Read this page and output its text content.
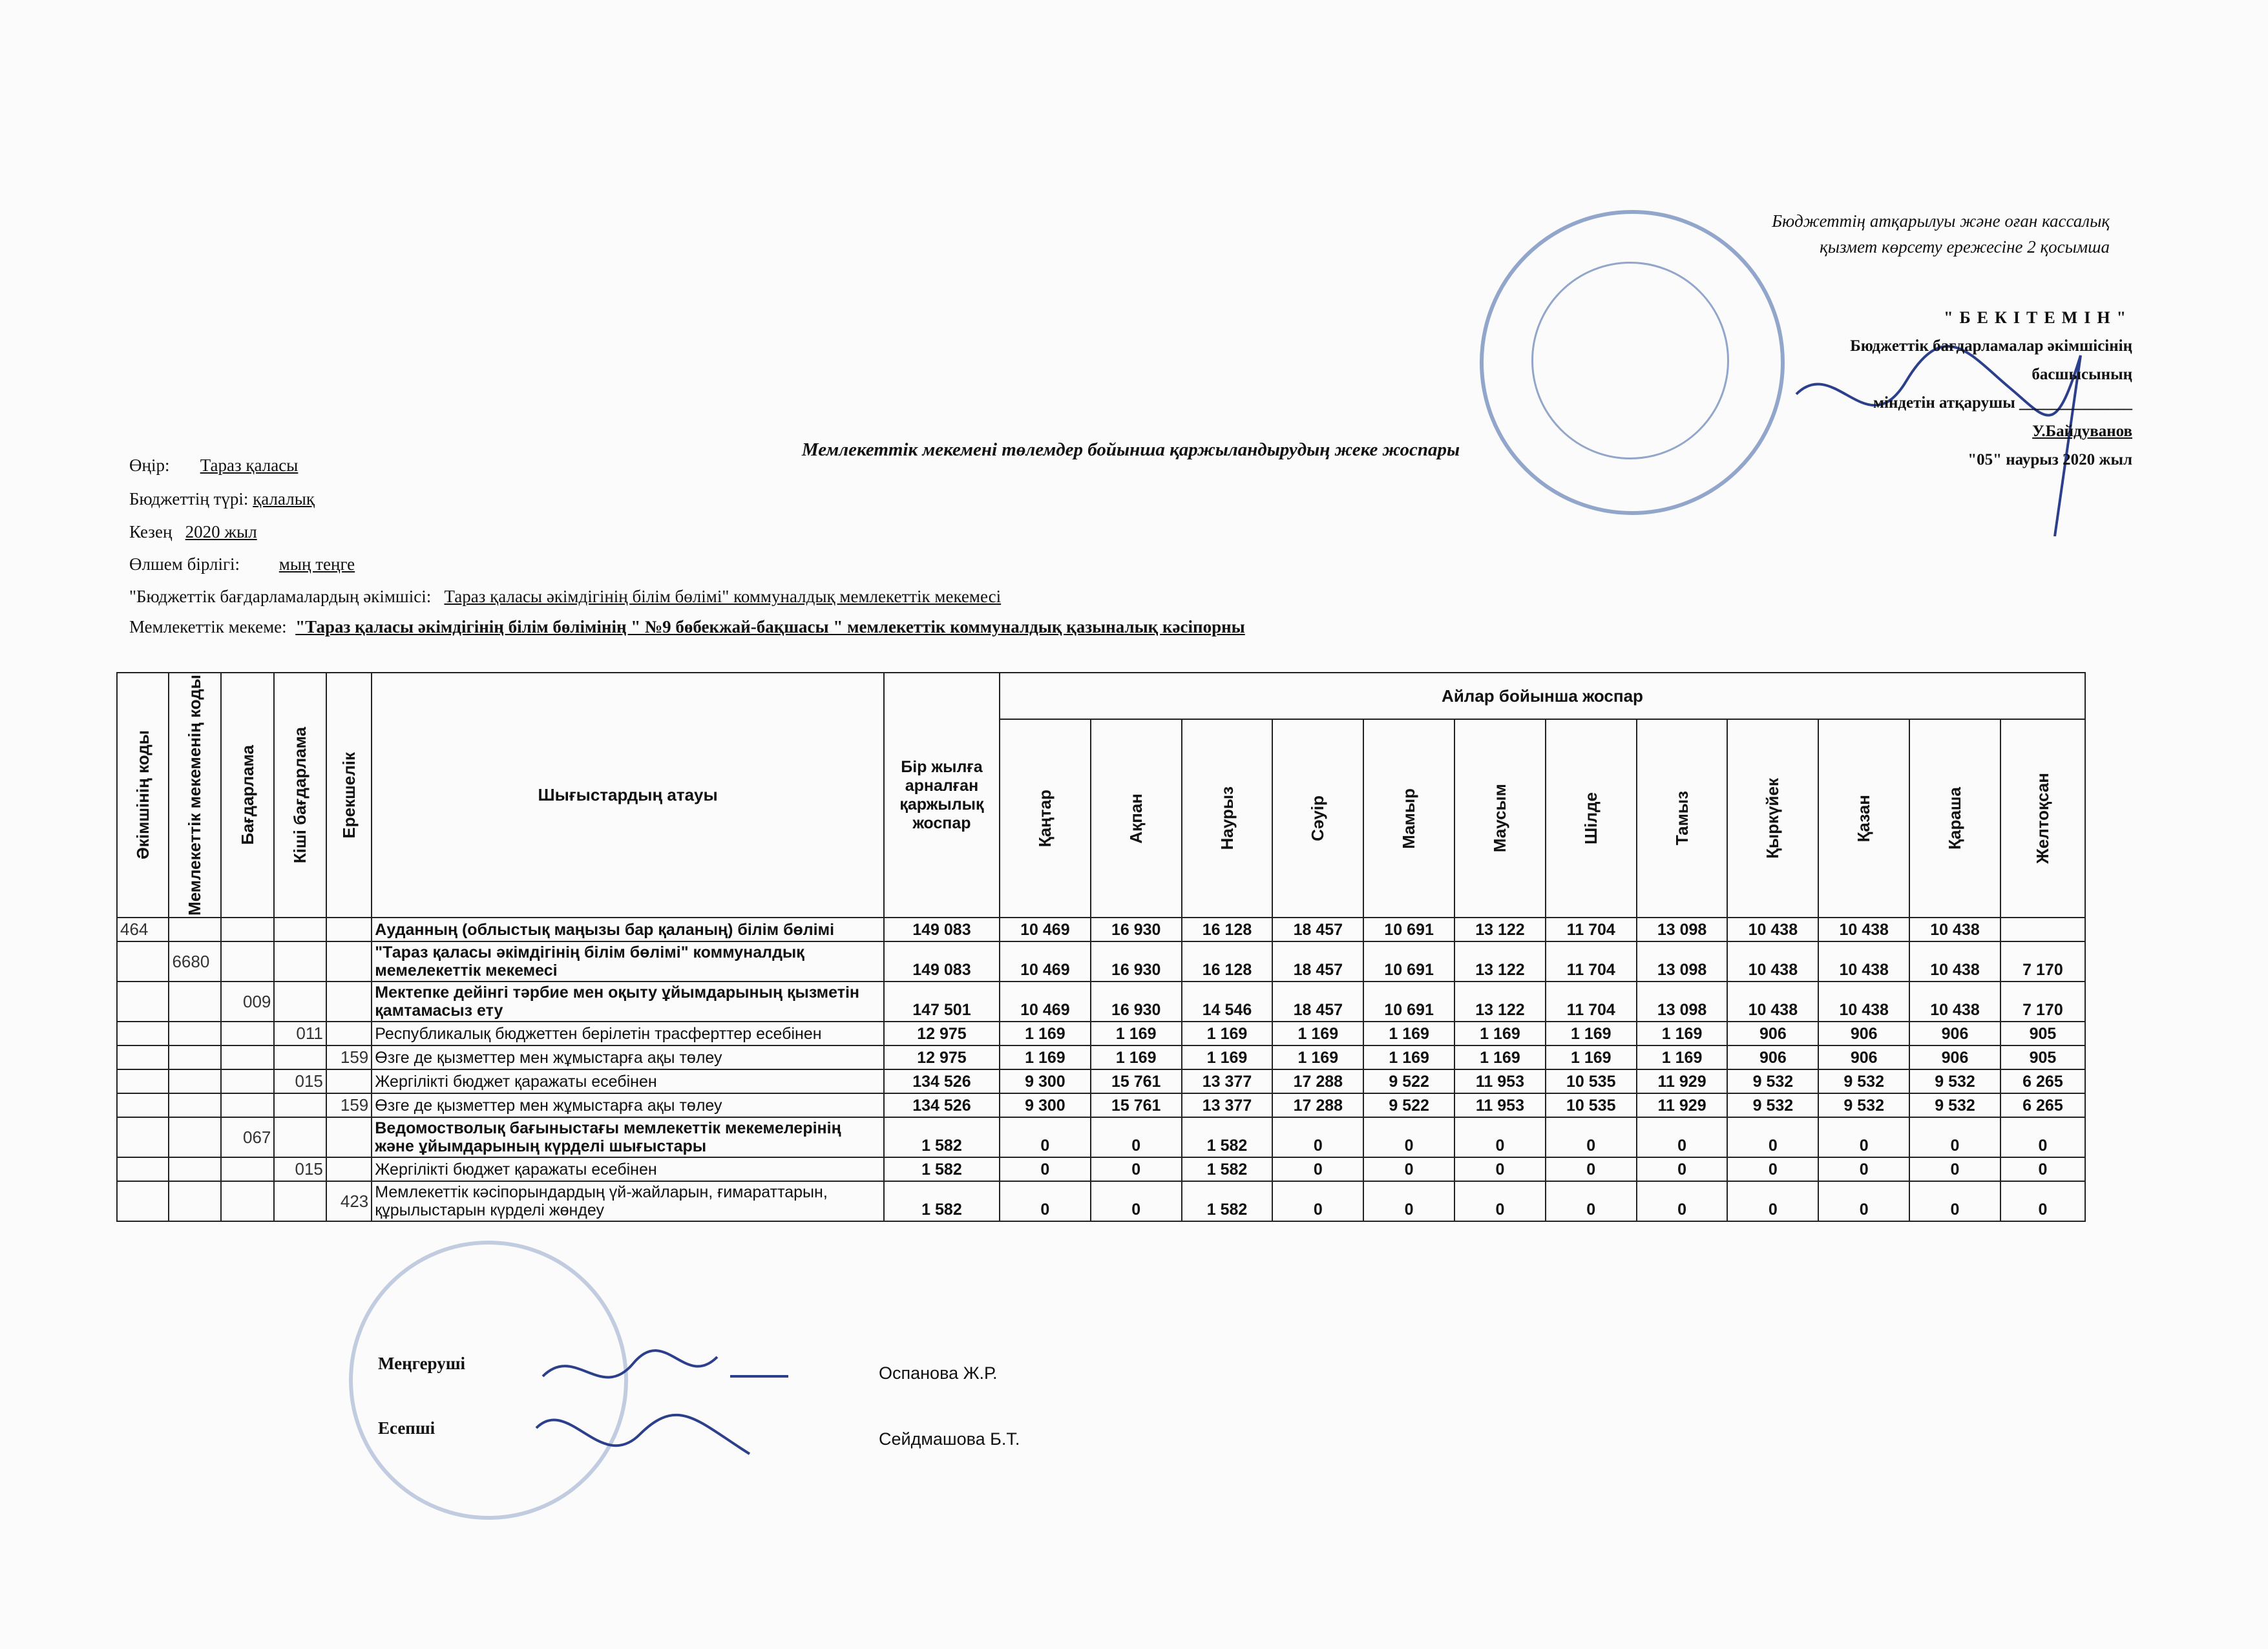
Бюджеттің атқарылуы және оған кассалық
қызмет көрсету ережесіне 2 қосымша
"БЕКІТЕМІН"
Бюджеттік бағдарламалар әкімшісінің басшысының
міндетін атқарушы ______________ У.Байдуванов
"05" наурыз 2020 жыл
Мемлекеттік мекемені төлемдер бойынша қаржыландырудың жеке жоспары
Өңір: Тараз қаласы
Бюджеттің түрі: қалалық
Кезең 2020 жыл
Өлшем бірлігі: мың теңге
"Бюджеттік бағдарламалардың әкімшісі: Тараз қаласы әкімдігінің білім бөлімі" коммуналдық мемлекеттік мекемесі
Мемлекеттік мекеме: "Тараз қаласы әкімдігінің білім бөлімінің " №9 бөбекжай-бақшасы " мемлекеттік коммуналдық қазыналық кәсіпорны
Әкімшінің коды	Мемлекеттік мекеменің коды	Бағдарлама	Кіші бағдарлама	Ерекшелік	Шығыстардың атауы	Бір жылға арналған қаржылық жоспар	Айлар бойынша жоспар											

							Қаңтар	Ақпан	Наурыз	Сәуір	Мамыр	Маусым	Шілде	Тамыз	Қыркүйек	Қазан	Қараша	Желтоқсан

464					Ауданның (облыстық маңызы бар қаланың) білім бөлімі	149 083	10 469	16 930	16 128	18 457	10 691	13 122	11 704	13 098	10 438	10 438	10 438	
	6680				"Тараз қаласы әкімдігінің білім бөлімі" коммуналдық мемелекеттік мекемесі	149 083	10 469	16 930	16 128	18 457	10 691	13 122	11 704	13 098	10 438	10 438	10 438	7 170
		009			Мектепке дейінгі тәрбие мен оқыту ұйымдарының қызметін қамтамасыз ету	147 501	10 469	16 930	14 546	18 457	10 691	13 122	11 704	13 098	10 438	10 438	10 438	7 170
			011		Республикалық бюджеттен берілетін трасферттер есебінен	12 975	1 169	1 169	1 169	1 169	1 169	1 169	1 169	1 169	906	906	906	905
				159	Өзге де қызметтер мен жұмыстарға ақы төлеу	12 975	1 169	1 169	1 169	1 169	1 169	1 169	1 169	1 169	906	906	906	905
			015		Жергілікті бюджет қаражаты есебінен	134 526	9 300	15 761	13 377	17 288	9 522	11 953	10 535	11 929	9 532	9 532	9 532	6 265
				159	Өзге де қызметтер мен жұмыстарға ақы төлеу	134 526	9 300	15 761	13 377	17 288	9 522	11 953	10 535	11 929	9 532	9 532	9 532	6 265
		067			Ведомостволық бағыныстағы мемлекеттік мекемелерінің және ұйымдарының күрделі шығыстары	1 582	0	0	1 582	0	0	0	0	0	0	0	0	0
			015		Жергілікті бюджет қаражаты есебінен	1 582	0	0	1 582	0	0	0	0	0	0	0	0	0
				423	Мемлекеттік кәсіпорындардың үй-жайларын, ғимараттарын, құрылыстарын күрделі жөндеу	1 582	0	0	1 582	0	0	0	0	0	0	0	0	0
Меңгеруші	Оспанова Ж.Р.
Есепші
Сейдмашова Б.Т.
